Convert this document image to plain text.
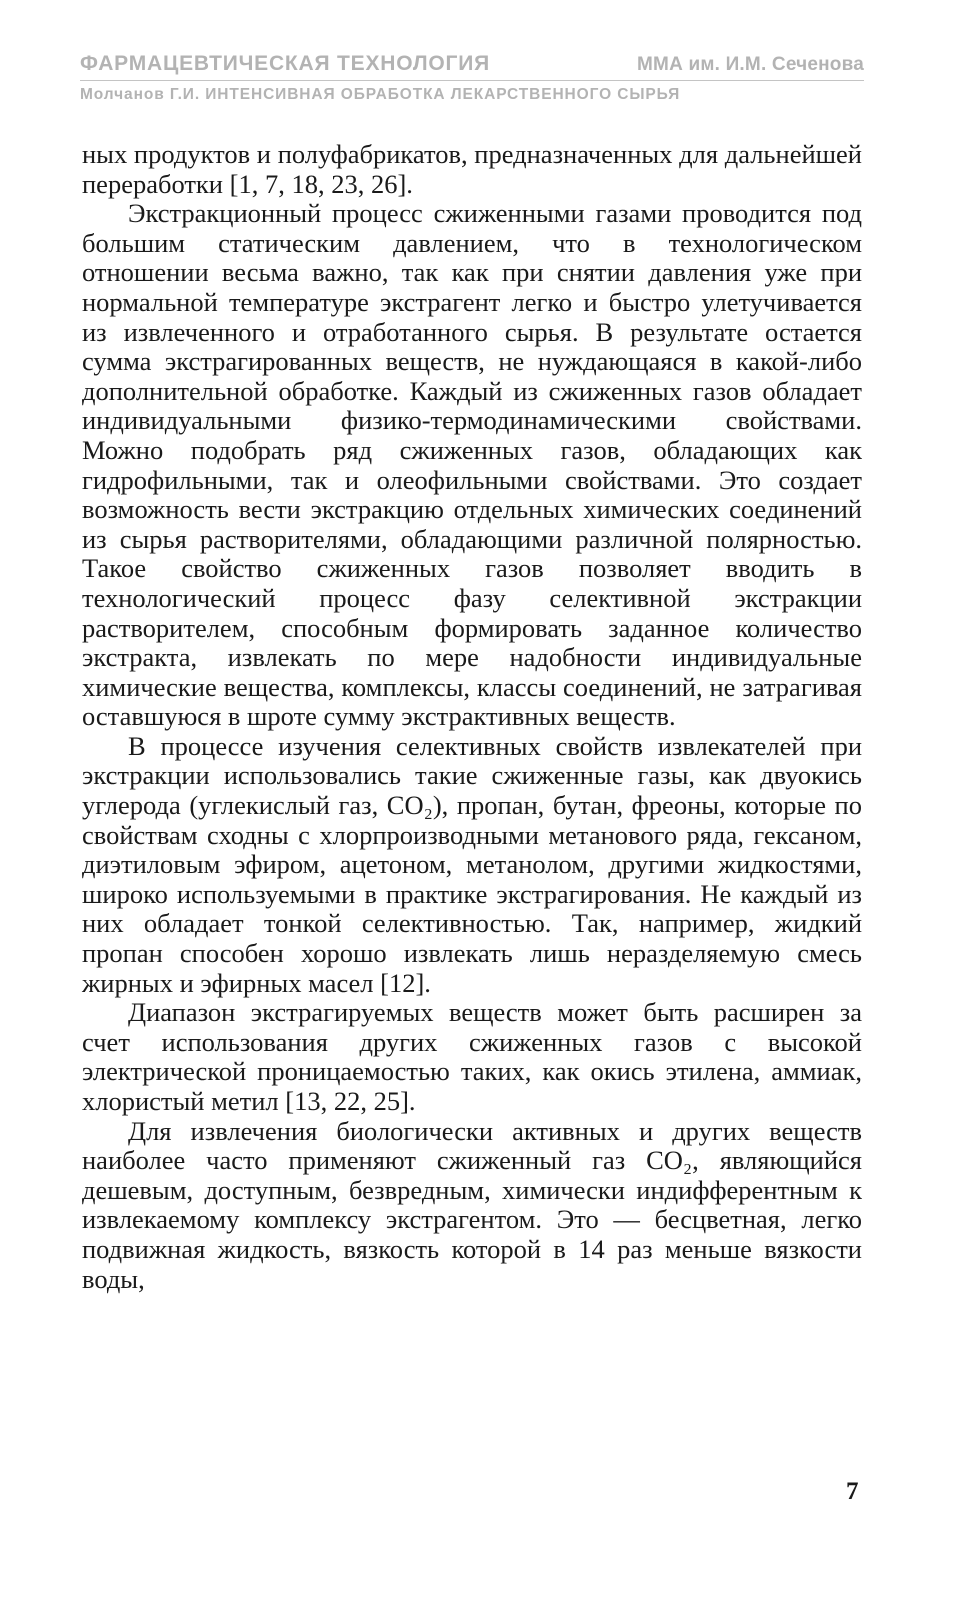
ФАРМАЦЕВТИЧЕСКАЯ ТЕХНОЛОГИЯ	ММА им. И.М. Сеченова
Молчанов Г.И. ИНТЕНСИВНАЯ ОБРАБОТКА ЛЕКАРСТВЕННОГО СЫРЬЯ

ных продуктов и полуфабрикатов, предназначенных для дальнейшей переработки [1, 7, 18, 23, 26].

Экстракционный процесс сжиженными газами проводится под большим статическим давлением, что в технологическом отношении весьма важно, так как при снятии давления уже при нормальной температуре экстрагент легко и быстро улетучивается из извлеченного и отработанного сырья. В результате остается сумма экстрагированных веществ, не нуждающаяся в какой-либо дополнительной обработке. Каждый из сжиженных газов обладает индивидуальными физико-термодинамическими свойствами. Можно подобрать ряд сжиженных газов, обладающих как гидрофильными, так и олеофильными свойствами. Это создает возможность вести экстракцию отдельных химических соединений из сырья растворителями, обладающими различной полярностью. Такое свойство сжиженных газов позволяет вводить в технологический процесс фазу селективной экстракции растворителем, способным формировать заданное количество экстракта, извлекать по мере надобности индивидуальные химические вещества, комплексы, классы соединений, не затрагивая оставшуюся в шроте сумму экстрактивных веществ.

В процессе изучения селективных свойств извлекателей при экстракции использовались такие сжиженные газы, как двуокись углерода (углекислый газ, CO₂), пропан, бутан, фреоны, которые по свойствам сходны с хлорпроизводными метанового ряда, гексаном, диэтиловым эфиром, ацетоном, метанолом, другими жидкостями, широко используемыми в практике экстрагирования. Не каждый из них обладает тонкой селективностью. Так, например, жидкий пропан способен хорошо извлекать лишь неразделяемую смесь жирных и эфирных масел [12].

Диапазон экстрагируемых веществ может быть расширен за счет использования других сжиженных газов с высокой электрической проницаемостью таких, как окись этилена, аммиак, хлористый метил [13, 22, 25].

Для извлечения биологически активных и других веществ наиболее часто применяют сжиженный газ CO₂, являющийся дешевым, доступным, безвредным, химически индифферентным к извлекаемому комплексу экстрагентом. Это — бесцветная, легко подвижная жидкость, вязкость которой в 14 раз меньше вязкости воды,

7
